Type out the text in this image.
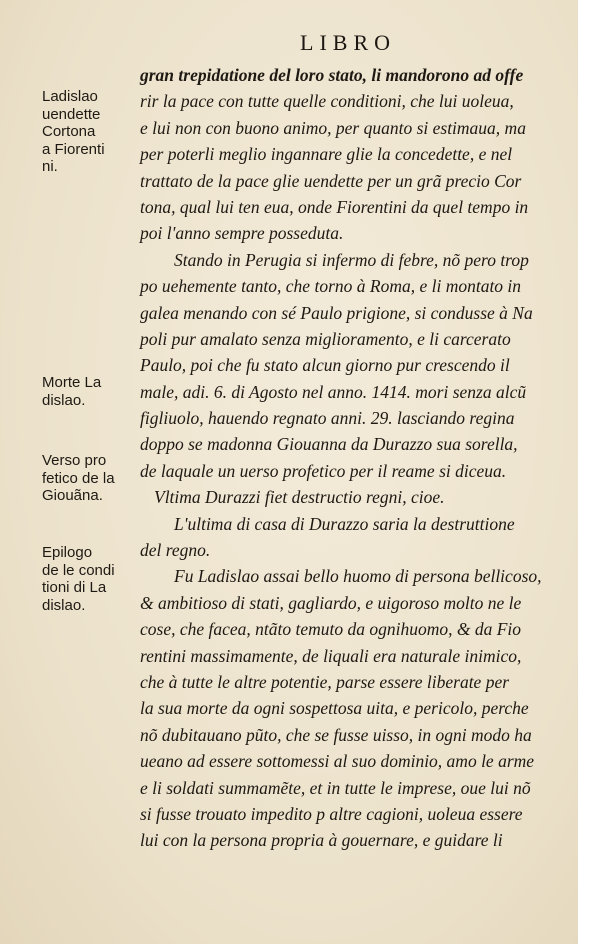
LIBRO
gran trepidatione del loro stato, li mandorono ad offe
rir la pace con tutte quelle conditioni, che lui uoleua,
e lui non con buono animo, per quanto si estimaua, ma
per poterli meglio ingannare glie la concedette, e nel
trattato de la pace glie uendette per un grã precio Cor
tona, qual lui ten eua, onde Fiorentini da quel tempo in
poi l'anno sempre posseduta.
Stando in Perugia si infermo di febre, nõ pero trop
po uehemente tanto, che torno à Roma, e li montato in
galea menando con sé Paulo prigione, si condusse à Na
poli pur amalato senza miglioramento, e li carcerato
Paulo, poi che fu stato alcun giorno pur crescendo il
male, adi. 6. di Agosto nel anno. 1414. mori senza alcũ
figliuolo, hauendo regnato anni. 29. lasciando regina
doppo se madonna Giouanna da Durazzo sua sorella,
de laquale un uerso profetico per il reame si diceua.
Vltima Durazzi fiet destructio regni, cioe.
L'ultima di casa di Durazzo saria la destruttione
del regno.
Fu Ladislao assai bello huomo di persona bellicoso,
& ambitioso di stati, gagliardo, e uigoroso molto ne le
cose, che facea, ntãto temuto da ognihuomo, & da Fio
rentini massimamente, de liquali era naturale inimico,
che à tutte le altre potentie, parse essere liberate per
la sua morte da ogni sospettosa uita, e pericolo, perche
nõ dubitauano pũto, che se fusse uisso, in ogni modo ha
ueano ad essere sottomessi al suo dominio, amo le arme
e li soldati summamẽte, et in tutte le imprese, oue lui nõ
si fusse trouato impedito p altre cagioni, uoleua essere
lui con la persona propria à gouernare, e guidare li
Ladislao
uendette
Cortona
a Fiorenti
ni.
Morte La
dislao.
Verso pro
fetico de la
Giouãna.
Epilogo
de le condi
tioni di La
dislao.
